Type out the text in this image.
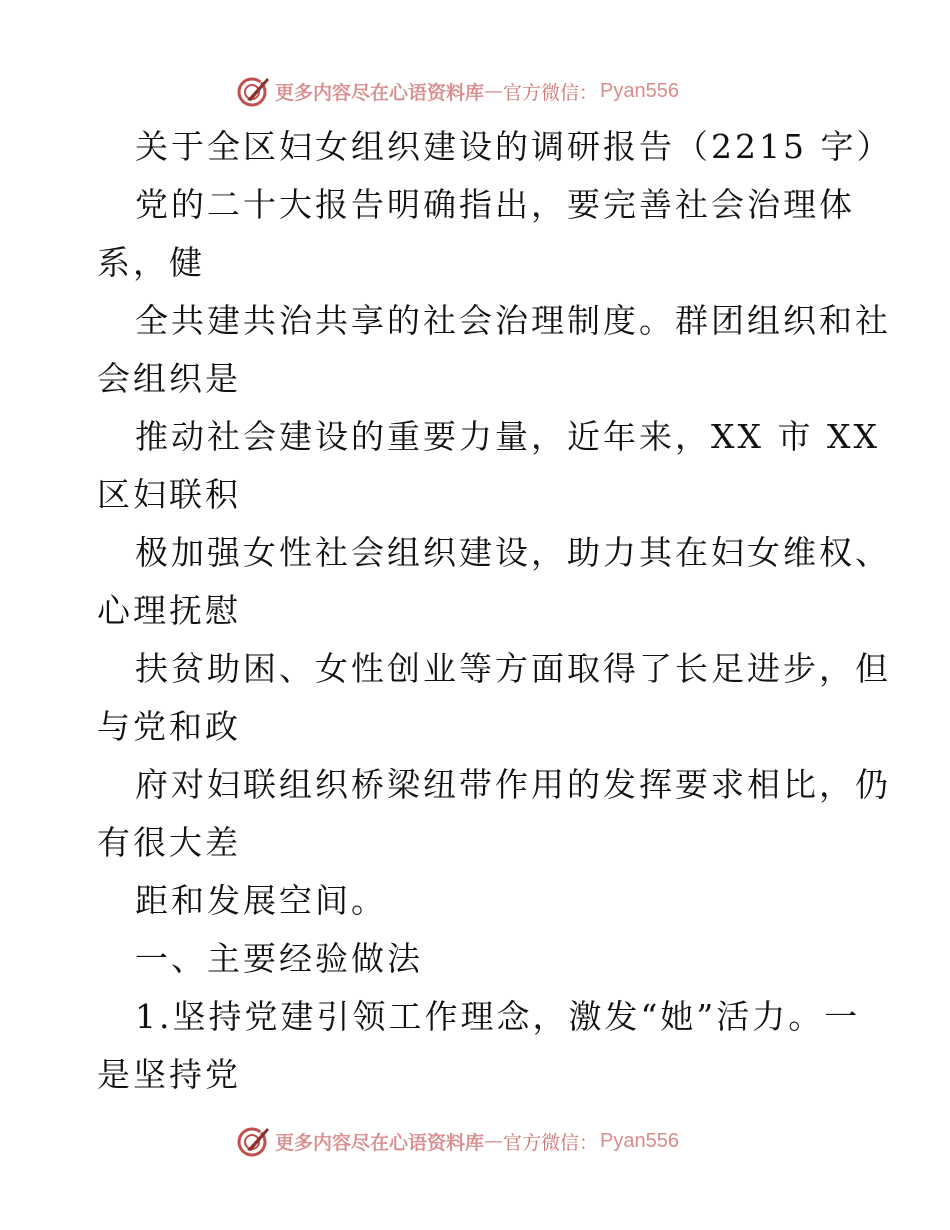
更多内容尽在心语资料库 — 官方微信： Pyan556
关于全区妇女组织建设的调研报告（2215 字）
党的二十大报告明确指出，要完善社会治理体
系，健
全共建共治共享的社会治理制度。群团组织和社
会组织是
推动社会建设的重要力量，近年来，XX 市 XX
区妇联积
极加强女性社会组织建设，助力其在妇女维权、
心理抚慰
扶贫助困、女性创业等方面取得了长足进步，但
与党和政
府对妇联组织桥梁纽带作用的发挥要求相比，仍
有很大差
距和发展空间。
一、主要经验做法
1.坚持党建引领工作理念，激发“她”活力。一
是坚持党
更多内容尽在心语资料库 — 官方微信： Pyan556
